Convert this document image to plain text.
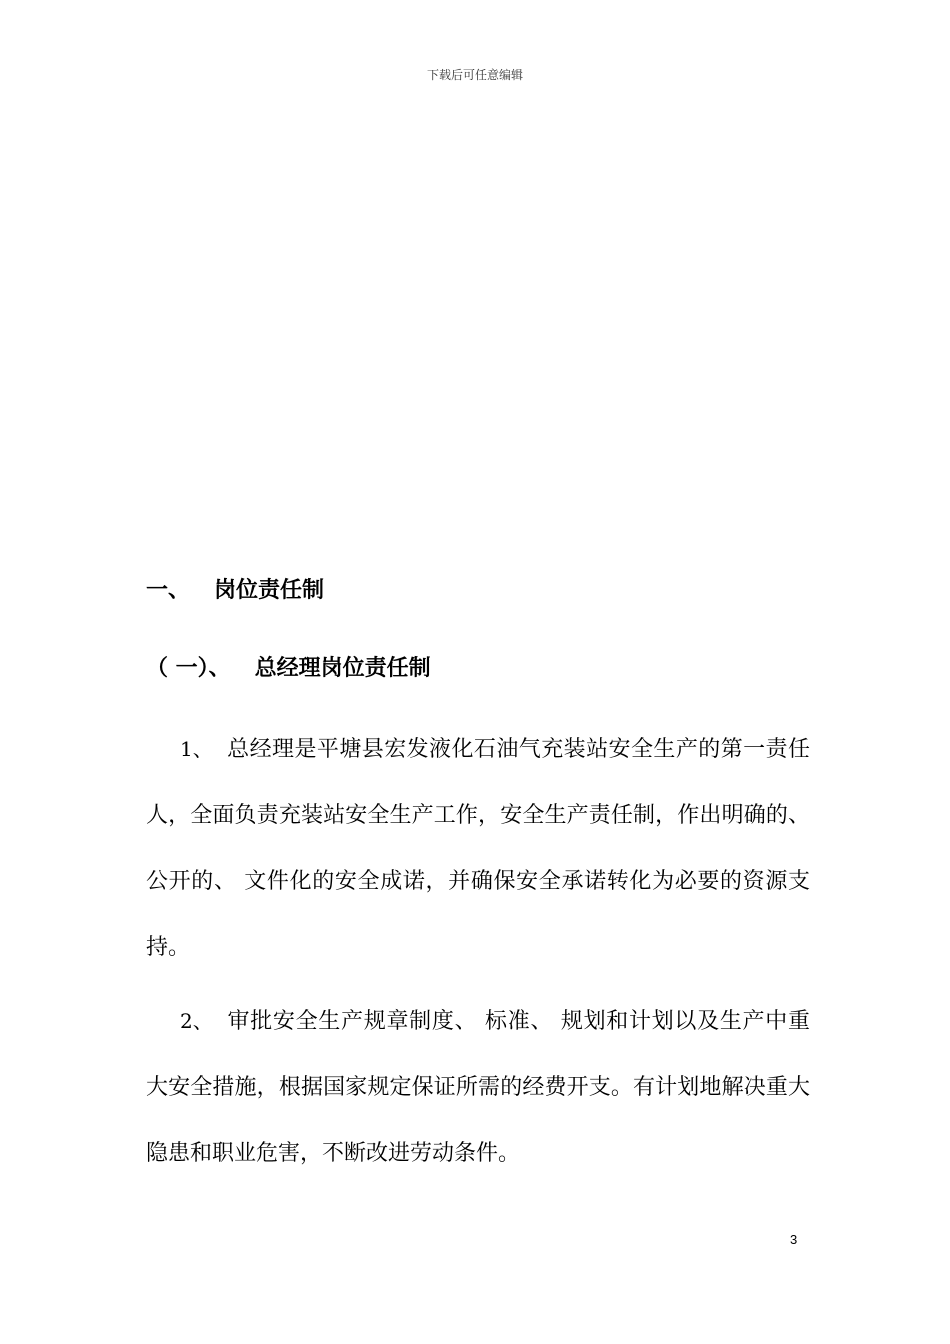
下载后可任意编辑
一、 岗位责任制
（ 一）、 总经理岗位责任制

1、 总经理是平塘县宏发液化石油气充装站安全生产的第一责任人，全面负责充装站安全生产工作，安全生产责任制，作出明确的、 公开的、 文件化的安全成诺，并确保安全承诺转化为必要的资源支持。

2、 审批安全生产规章制度、 标准、 规划和计划以及生产中重大安全措施，根据国家规定保证所需的经费开支。有计划地解决重大隐患和职业危害，不断改进劳动条件。

3
